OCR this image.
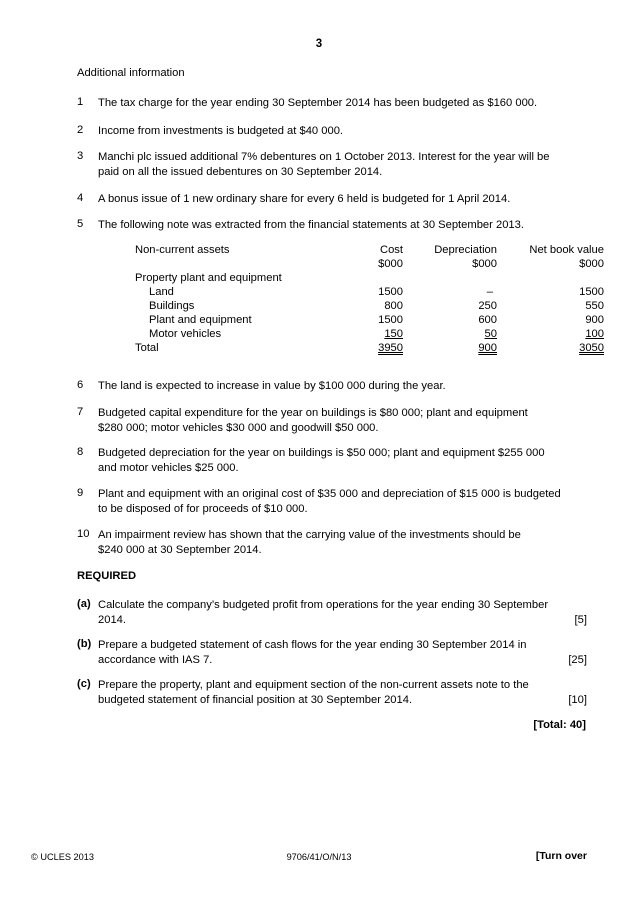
3
Additional information
1 The tax charge for the year ending 30 September 2014 has been budgeted as $160 000.
2 Income from investments is budgeted at $40 000.
3 Manchi plc issued additional 7% debentures on 1 October 2013. Interest for the year will be
paid on all the issued debentures on 30 September 2014.
4 A bonus issue of 1 new ordinary share for every 6 held is budgeted for 1 April 2014.
5 The following note was extracted from the financial statements at 30 September 2013.
Non-current assets	Cost	Depreciation	Net book value
	$000	$000	$000
Property plant and equipment			
Land	1500	–	1500
Buildings	800	250	550
Plant and equipment	1500	600	900
Motor vehicles	150	50	100
Total	3950	900	3050
6 The land is expected to increase in value by $100 000 during the year.
7 Budgeted capital expenditure for the year on buildings is $80 000; plant and equipment
$280 000; motor vehicles $30 000 and goodwill $50 000.
8 Budgeted depreciation for the year on buildings is $50 000; plant and equipment $255 000
and motor vehicles $25 000.
9 Plant and equipment with an original cost of $35 000 and depreciation of $15 000 is budgeted
to be disposed of for proceeds of $10 000.
10 An impairment review has shown that the carrying value of the investments should be
$240 000 at 30 September 2014.
REQUIRED
(a) Calculate the company’s budgeted profit from operations for the year ending 30 September
2014.	[5]
(b) Prepare a budgeted statement of cash flows for the year ending 30 September 2014 in
accordance with IAS 7.	[25]
(c) Prepare the property, plant and equipment section of the non-current assets note to the
budgeted statement of financial position at 30 September 2014.	[10]
[Total: 40]
© UCLES 2013	9706/41/O/N/13	[Turn over
